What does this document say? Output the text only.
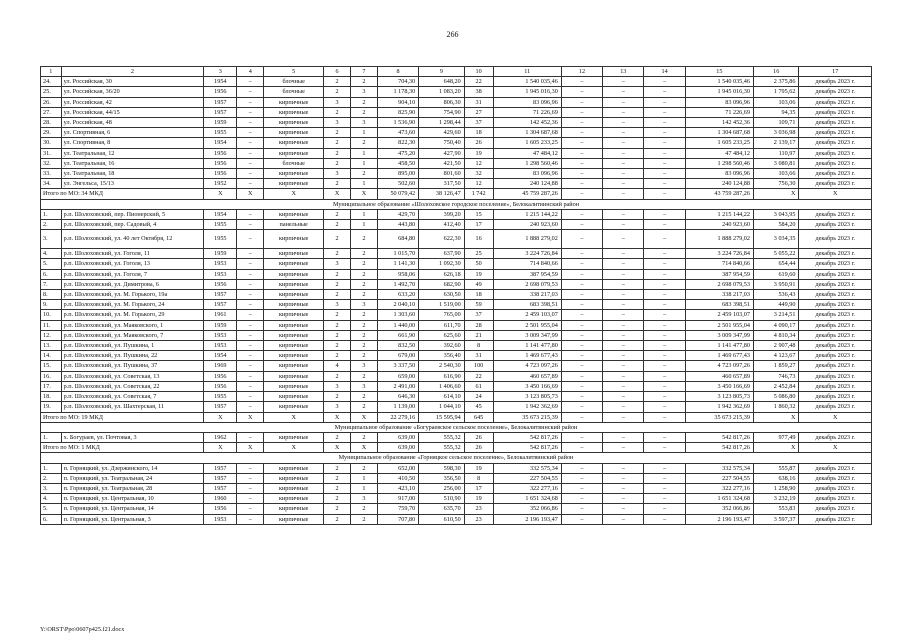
266
1	2	3	4	5	6	7	8	9	10	11	12	13	14	15	16	17
24.	ул. Российская, 30	1954	–	блочные	2	2	704,30	648,20	22	1 540 035,46	–	–	–	1 540 035,46	2 375,86	декабрь 2023 г.
25.	ул. Российская, 36/20	1956	–	блочные	2	3	1 178,30	1 083,20	38	1 945 016,30	–	–	–	1 945 016,30	1 795,62	декабрь 2023 г.
26.	ул. Российская, 42	1957	–	кирпичные	3	2	904,10	806,30	31	83 096,96	–	–	–	83 096,96	103,06	декабрь 2023 г.
27.	ул. Российская, 44/15	1957	–	кирпичные	2	2	825,90	754,90	27	71 226,69	–	–	–	71 226,69	94,35	декабрь 2023 г.
28.	ул. Российская, 48	1959	–	кирпичные	3	3	1 536,90	1 298,44	37	142 452,36	–	–	–	142 452,36	109,71	декабрь 2023 г.
29.	ул. Спортивная, 6	1955	–	кирпичные	2	1	473,60	429,60	18	1 304 687,68	–	–	–	1 304 687,68	3 036,98	декабрь 2023 г.
30.	ул. Спортивная, 8	1954	–	кирпичные	2	2	822,30	750,40	26	1 605 233,25	–	–	–	1 605 233,25	2 139,17	декабрь 2023 г.
31.	ул. Театральная, 12	1956	–	кирпичные	2	1	475,20	427,90	19	47 484,12	–	–	–	47 484,12	110,97	декабрь 2023 г.
32.	ул. Театральная, 16	1956	–	блочные	2	1	458,50	421,50	12	1 298 560,46	–	–	–	1 298 560,46	3 080,81	декабрь 2023 г.
33.	ул. Театральная, 18	1956	–	кирпичные	3	2	895,00	801,60	32	83 096,96	–	–	–	83 096,96	103,66	декабрь 2023 г.
34.	ул. Энгельса, 15/13	1952	–	кирпичные	2	1	502,60	317,50	12	240 124,88	–	–	–	240 124,88	756,30	декабрь 2023 г.
Итого по МО: 34 МКД		X	X	X	X	X	50 079,42	38 126,47	1 742	45 759 287,26	–	–	–	43 759 287,26	X	X
Муниципальное образование «Шолоховское городское поселение», Белокалитвинский район																
1.	р.п. Шолоховский, пер. Пионерский, 5	1954	–	кирпичные	2	1	429,70	399,20	15	1 215 144,22	–	–	–	1 215 144,22	3 043,95	декабрь 2023 г.
2.	р.п. Шолоховский, пер. Садовый, 4	1955	–	панельные	2	1	443,80	412,40	17	240 923,60	–	–	–	240 923,60	584,20	декабрь 2023 г.
3.	р.п. Шолоховский, ул. 40 лет Октября, 12	1955	–	кирпичные	2	2	684,80	622,30	16	1 888 279,02	–	–	–	1 888 279,02	3 034,35	декабрь 2023 г.
4.	р.п. Шолоховский, ул. Гоголя, 11	1959	–	кирпичные	2	2	1 015,70	637,90	25	3 224 726,84	–	–	–	3 224 726,84	5 055,22	декабрь 2023 г.
5.	р.п. Шолоховский, ул. Гоголя, 13	1953	–	кирпичные	3	2	1 141,30	1 092,30	50	714 840,66	–	–	–	714 840,66	654,44	декабрь 2023 г.
6.	р.п. Шолоховский, ул. Гоголя, 7	1953	–	кирпичные	2	2	958,06	626,18	19	387 954,59	–	–	–	387 954,59	619,60	декабрь 2023 г.
7.	р.п. Шолоховский, ул. Димитрова, 6	1956	–	кирпичные	2	2	1 492,70	682,90	49	2 698 079,53	–	–	–	2 698 079,53	3 950,91	декабрь 2023 г.
8.	р.п. Шолоховский, ул. М. Горького, 19а	1957	–	кирпичные	2	2	633,20	630,50	18	338 217,03	–	–	–	338 217,03	536,43	декабрь 2023 г.
9.	р.п. Шолоховский, ул. М. Горького, 24	1957	–	кирпичные	3	3	2 040,10	1 519,00	59	683 398,51	–	–	–	683 398,51	449,90	декабрь 2023 г.
10.	р.п. Шолоховский, ул. М. Горького, 29	1961	–	кирпичные	2	2	1 303,60	765,00	37	2 459 103,07	–	–	–	2 459 103,07	3 214,51	декабрь 2023 г.
11.	р.п. Шолоховский, ул. Маяковского, 1	1959	–	кирпичные	2	2	1 440,00	611,70	28	2 501 955,04	–	–	–	2 501 955,04	4 090,17	декабрь 2023 г.
12.	р.п. Шолоховский, ул. Маяковского, 7	1953	–	кирпичные	2	2	661,90	625,60	21	3 009 347,99	–	–	–	3 009 347,99	4 810,34	декабрь 2023 г.
13.	р.п. Шолоховский, ул. Пушкина, 1	1953	–	кирпичные	2	2	832,50	392,60	8	1 141 477,80	–	–	–	1 141 477,80	2 907,48	декабрь 2023 г.
14.	р.п. Шолоховский, ул. Пушкина, 22	1954	–	кирпичные	2	2	679,00	356,40	31	1 469 677,43	–	–	–	1 469 677,43	4 123,67	декабрь 2023 г.
15.	р.п. Шолоховский, ул. Пушкина, 37	1969	–	кирпичные	4	3	3 337,50	2 540,30	100	4 723 097,26	–	–	–	4 723 097,26	1 859,27	декабрь 2023 г.
16.	р.п. Шолоховский, ул. Советская, 13	1956	–	кирпичные	2	2	659,00	616,90	22	460 657,89	–	–	–	460 657,89	746,73	декабрь 2023 г.
17.	р.п. Шолоховский, ул. Советская, 22	1956	–	кирпичные	3	3	2 491,00	1 406,60	61	3 450 166,69	–	–	–	3 450 166,69	2 452,84	декабрь 2023 г.
18.	р.п. Шолоховский, ул. Советская, 7	1955	–	кирпичные	2	2	646,30	614,10	24	3 123 805,73	–	–	–	3 123 805,73	5 086,80	декабрь 2023 г.
19.	р.п. Шолоховский, ул. Шахтерская, 11	1957	–	кирпичные	3	2	1 139,00	1 044,10	45	1 942 362,69	–	–	–	1 942 362,69	1 860,32	декабрь 2023 г.
Итого по МО: 19 МКД		X	X	X	X	X	22 279,16	15 595,94	645	35 673 215,39	–	–	–	35 673 215,39	X	X
Муниципальное образование «Богураевское сельское поселение», Белокалитвинский район																
1.	х. Богураев, ул. Почтовая, 3	1962	–	кирпичные	2	2	639,00	555,32	26	542 817,26	–	–	–	542 817,26	977,49	декабрь 2023 г.
Итого по МО: 1 МКД		X	X	X	X	X	639,00	555,32	26	542 817,26	–	–	–	542 817,26	X	X
Муниципальное образование «Горняцкое сельское поселение», Белокалитвинский район																
1.	п. Горняцкий, ул. Дзержинского, 14	1957	–	кирпичные	2	2	652,00	598,30	19	332 575,34	–	–	–	332 575,34	555,87	декабрь 2023 г.
2.	п. Горняцкий, ул. Театральная, 24	1957	–	кирпичные	2	1	410,50	356,50	8	227 504,55	–	–	–	227 504,55	638,16	декабрь 2023 г.
3.	п. Горняцкий, ул. Театральная, 28	1957	–	кирпичные	2	1	423,10	256,00	17	322 277,16	–	–	–	322 277,16	1 258,90	декабрь 2023 г.
4.	п. Горняцкий, ул. Центральная, 10	1960	–	кирпичные	2	3	917,00	510,90	19	1 651 324,68	–	–	–	1 651 324,68	3 232,19	декабрь 2023 г.
5.	п. Горняцкий, ул. Центральная, 14	1956	–	кирпичные	2	2	759,70	635,70	23	352 066,86	–	–	–	352 066,86	553,83	декабрь 2023 г.
6.	п. Горняцкий, ул. Центральная, 3	1953	–	кирпичные	2	2	707,80	610,50	23	2 196 193,47	–	–	–	2 196 193,47	3 597,37	декабрь 2023 г.
Y:\ORST\Ppo\0607p425.f21.docx
